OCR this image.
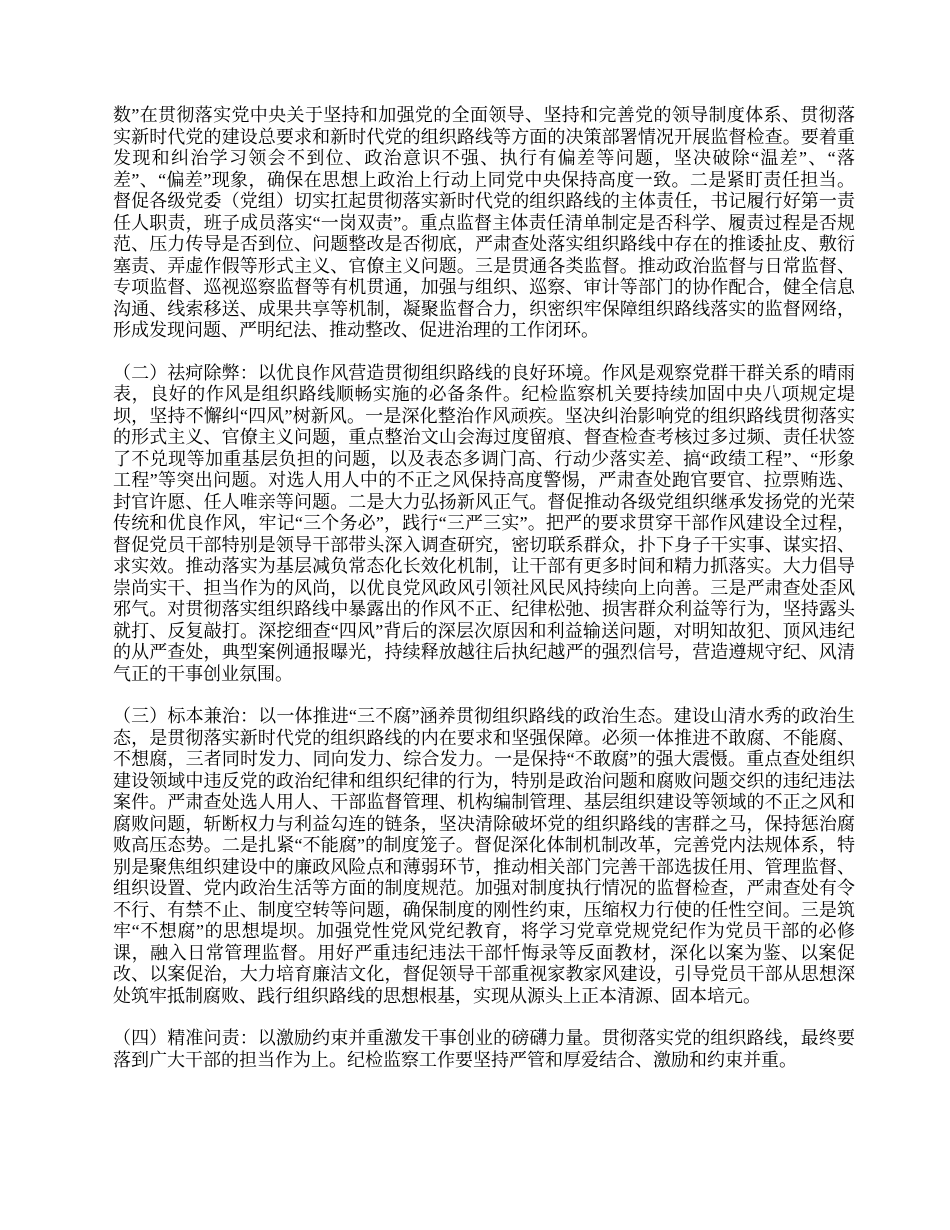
数”在贯彻落实党中央关于坚持和加强党的全面领导、坚持和完善党的领导制度体系、贯彻落实新时代党的建设总要求和新时代党的组织路线等方面的决策部署情况开展监督检查。要着重发现和纠治学习领会不到位、政治意识不强、执行有偏差等问题，坚决破除“温差”、“落差”、“偏差”现象，确保在思想上政治上行动上同党中央保持高度一致。二是紧盯责任担当。督促各级党委（党组）切实扛起贯彻落实新时代党的组织路线的主体责任，书记履行好第一责任人职责，班子成员落实“一岗双责”。重点监督主体责任清单制定是否科学、履责过程是否规范、压力传导是否到位、问题整改是否彻底，严肃查处落实组织路线中存在的推诿扯皮、敷衍塞责、弄虚作假等形式主义、官僚主义问题。三是贯通各类监督。推动政治监督与日常监督、专项监督、巡视巡察监督等有机贯通，加强与组织、巡察、审计等部门的协作配合，健全信息沟通、线索移送、成果共享等机制，凝聚监督合力，织密织牢保障组织路线落实的监督网络，形成发现问题、严明纪法、推动整改、促进治理的工作闭环。

（二）祛疴除弊：以优良作风营造贯彻组织路线的良好环境。作风是观察党群干群关系的晴雨表，良好的作风是组织路线顺畅实施的必备条件。纪检监察机关要持续加固中央八项规定堤坝，坚持不懈纠“四风”树新风。一是深化整治作风顽疾。坚决纠治影响党的组织路线贯彻落实的形式主义、官僚主义问题，重点整治文山会海过度留痕、督查检查考核过多过频、责任状签了不兑现等加重基层负担的问题，以及表态多调门高、行动少落实差、搞“政绩工程”、“形象工程”等突出问题。对选人用人中的不正之风保持高度警惕，严肃查处跑官要官、拉票贿选、封官许愿、任人唯亲等问题。二是大力弘扬新风正气。督促推动各级党组织继承发扬党的光荣传统和优良作风，牢记“三个务必”，践行“三严三实”。把严的要求贯穿干部作风建设全过程，督促党员干部特别是领导干部带头深入调查研究，密切联系群众，扑下身子干实事、谋实招、求实效。推动落实为基层减负常态化长效化机制，让干部有更多时间和精力抓落实。大力倡导崇尚实干、担当作为的风尚，以优良党风政风引领社风民风持续向上向善。三是严肃查处歪风邪气。对贯彻落实组织路线中暴露出的作风不正、纪律松弛、损害群众利益等行为，坚持露头就打、反复敲打。深挖细查“四风”背后的深层次原因和利益输送问题，对明知故犯、顶风违纪的从严查处，典型案例通报曝光，持续释放越往后执纪越严的强烈信号，营造遵规守纪、风清气正的干事创业氛围。

（三）标本兼治：以一体推进“三不腐”涵养贯彻组织路线的政治生态。建设山清水秀的政治生态，是贯彻落实新时代党的组织路线的内在要求和坚强保障。必须一体推进不敢腐、不能腐、不想腐，三者同时发力、同向发力、综合发力。一是保持“不敢腐”的强大震慑。重点查处组织建设领域中违反党的政治纪律和组织纪律的行为，特别是政治问题和腐败问题交织的违纪违法案件。严肃查处选人用人、干部监督管理、机构编制管理、基层组织建设等领域的不正之风和腐败问题，斩断权力与利益勾连的链条，坚决清除破坏党的组织路线的害群之马，保持惩治腐败高压态势。二是扎紧“不能腐”的制度笼子。督促深化体制机制改革，完善党内法规体系，特别是聚焦组织建设中的廉政风险点和薄弱环节，推动相关部门完善干部选拔任用、管理监督、组织设置、党内政治生活等方面的制度规范。加强对制度执行情况的监督检查，严肃查处有令不行、有禁不止、制度空转等问题，确保制度的刚性约束，压缩权力行使的任性空间。三是筑牢“不想腐”的思想堤坝。加强党性党风党纪教育，将学习党章党规党纪作为党员干部的必修课，融入日常管理监督。用好严重违纪违法干部忏悔录等反面教材，深化以案为鉴、以案促改、以案促治，大力培育廉洁文化，督促领导干部重视家教家风建设，引导党员干部从思想深处筑牢抵制腐败、践行组织路线的思想根基，实现从源头上正本清源、固本培元。

（四）精准问责：以激励约束并重激发干事创业的磅礴力量。贯彻落实党的组织路线，最终要落到广大干部的担当作为上。纪检监察工作要坚持严管和厚爱结合、激励和约束并重。
